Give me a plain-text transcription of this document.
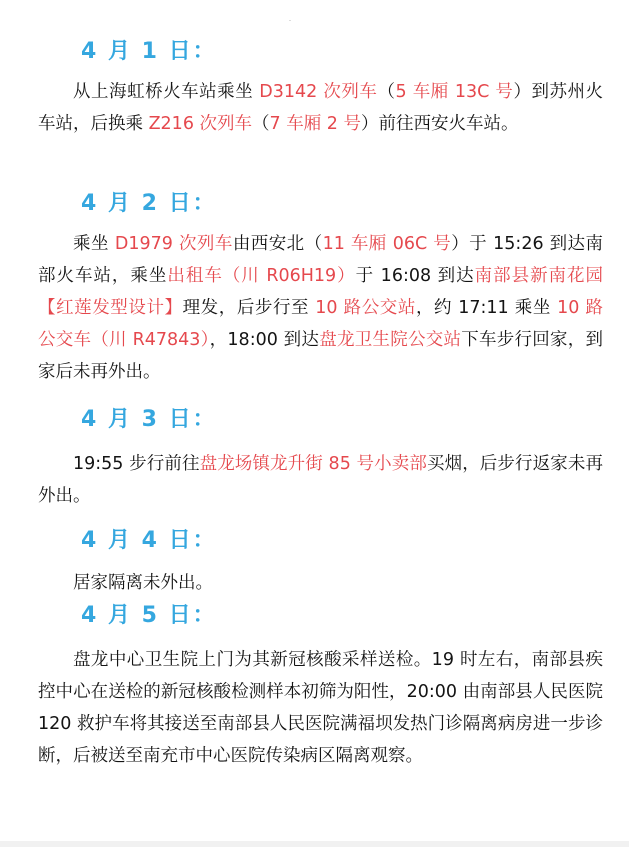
4 月 1 日：

从上海虹桥火车站乘坐 D3142 次列车（5 车厢 13C 号）到苏州火车站，后换乘 Z216 次列车（7 车厢 2 号）前往西安火车站。

4 月 2 日：

乘坐 D1979 次列车由西安北（11 车厢 06C 号）于 15:26 到达南部火车站，乘坐出租车（川 R06H19）于 16:08 到达南部县新南花园【红莲发型设计】理发，后步行至 10 路公交站，约 17:11 乘坐 10 路公交车（川 R47843），18:00 到达盘龙卫生院公交站下车步行回家，到家后未再外出。

4 月 3 日：

19:55 步行前往盘龙场镇龙升街 85 号小卖部买烟，后步行返家未再外出。

4 月 4 日：

居家隔离未外出。

4 月 5 日：

盘龙中心卫生院上门为其新冠核酸采样送检。19 时左右，南部县疾控中心在送检的新冠核酸检测样本初筛为阳性，20:00 由南部县人民医院 120 救护车将其接送至南部县人民医院满福坝发热门诊隔离病房进一步诊断，后被送至南充市中心医院传染病区隔离观察。
